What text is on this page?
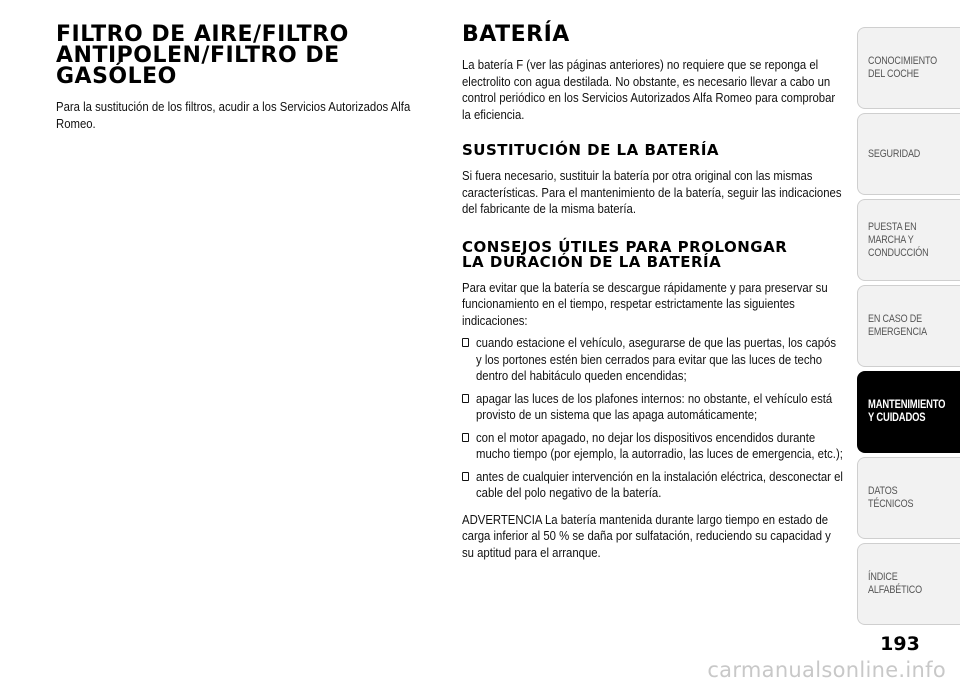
FILTRO DE AIRE/FILTRO
ANTIPOLEN/FILTRO DE
GASÓLEO

Para la sustitución de los filtros, acudir a los Servicios Autorizados Alfa Romeo.

BATERÍA

La batería F (ver las páginas anteriores) no requiere que se reponga el electrolito con agua destilada. No obstante, es necesario llevar a cabo un control periódico en los Servicios Autorizados Alfa Romeo para comprobar la eficiencia.

SUSTITUCIÓN DE LA BATERÍA

Si fuera necesario, sustituir la batería por otra original con las mismas características. Para el mantenimiento de la batería, seguir las indicaciones del fabricante de la misma batería.

CONSEJOS ÚTILES PARA PROLONGAR
LA DURACIÓN DE LA BATERÍA

Para evitar que la batería se descargue rápidamente y para preservar su funcionamiento en el tiempo, respetar estrictamente las siguientes indicaciones:

cuando estacione el vehículo, asegurarse de que las puertas, los capós y los portones estén bien cerrados para evitar que las luces de techo dentro del habitáculo queden encendidas;
apagar las luces de los plafones internos: no obstante, el vehículo está provisto de un sistema que las apaga automáticamente;
con el motor apagado, no dejar los dispositivos encendidos durante mucho tiempo (por ejemplo, la autorradio, las luces de emergencia, etc.);
antes de cualquier intervención en la instalación eléctrica, desconectar el cable del polo negativo de la batería.

ADVERTENCIA La batería mantenida durante largo tiempo en estado de carga inferior al 50 % se daña por sulfatación, reduciendo su capacidad y su aptitud para el arranque.

CONOCIMIENTO DEL COCHE
SEGURIDAD
PUESTA EN MARCHA Y CONDUCCIÓN
EN CASO DE EMERGENCIA
MANTENIMIENTO Y CUIDADOS
DATOS TÉCNICOS
ÍNDICE ALFABÉTICO
193
carmanualsonline.info
